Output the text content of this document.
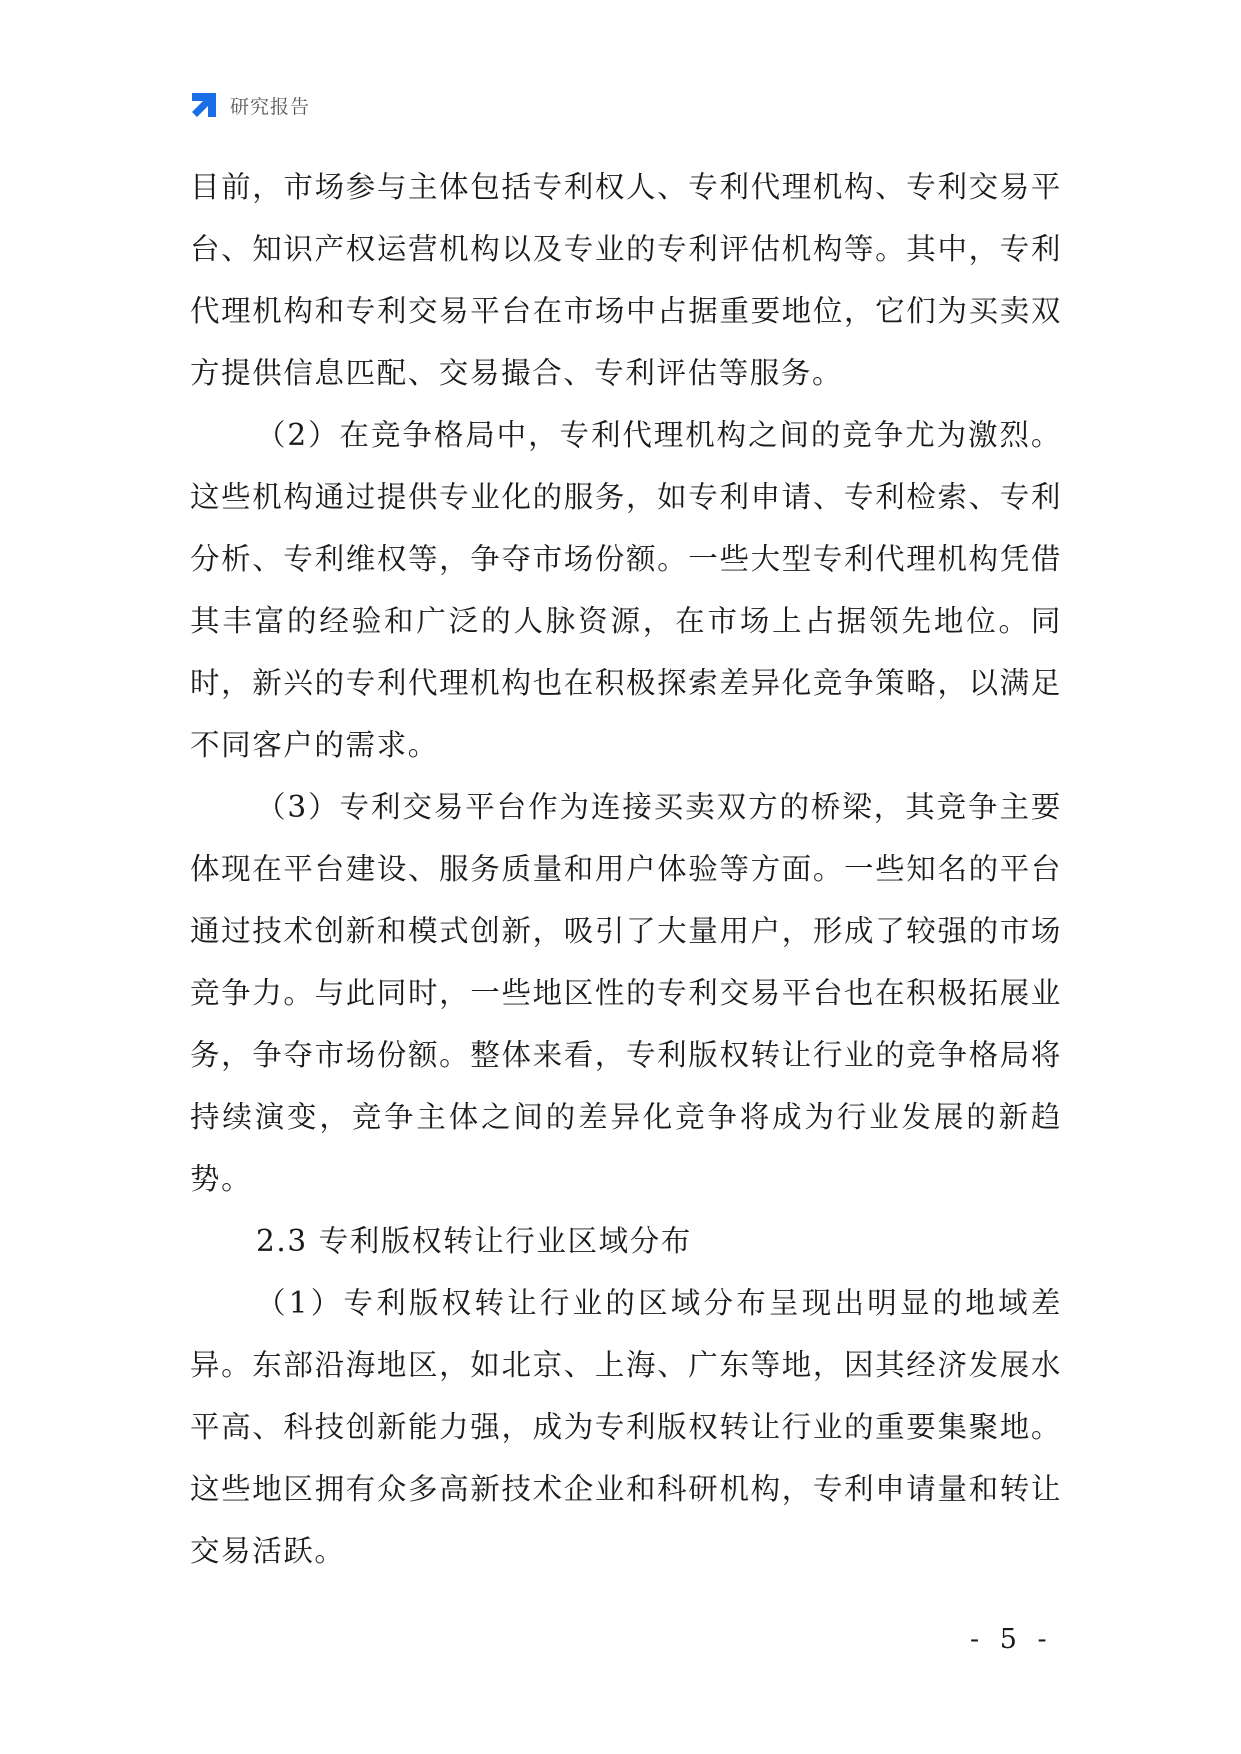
研究报告

目前，市场参与主体包括专利权人、专利代理机构、专利交易平台、知识产权运营机构以及专业的专利评估机构等。其中，专利代理机构和专利交易平台在市场中占据重要地位，它们为买卖双方提供信息匹配、交易撮合、专利评估等服务。

（2）在竞争格局中，专利代理机构之间的竞争尤为激烈。这些机构通过提供专业化的服务，如专利申请、专利检索、专利分析、专利维权等，争夺市场份额。一些大型专利代理机构凭借其丰富的经验和广泛的人脉资源，在市场上占据领先地位。同时，新兴的专利代理机构也在积极探索差异化竞争策略，以满足不同客户的需求。

（3）专利交易平台作为连接买卖双方的桥梁，其竞争主要体现在平台建设、服务质量和用户体验等方面。一些知名的平台通过技术创新和模式创新，吸引了大量用户，形成了较强的市场竞争力。与此同时，一些地区性的专利交易平台也在积极拓展业务，争夺市场份额。整体来看，专利版权转让行业的竞争格局将持续演变，竞争主体之间的差异化竞争将成为行业发展的新趋势。

2.3 专利版权转让行业区域分布

（1）专利版权转让行业的区域分布呈现出明显的地域差异。东部沿海地区，如北京、上海、广东等地，因其经济发展水平高、科技创新能力强，成为专利版权转让行业的重要集聚地。这些地区拥有众多高新技术企业和科研机构，专利申请量和转让交易活跃。

- 5 -
